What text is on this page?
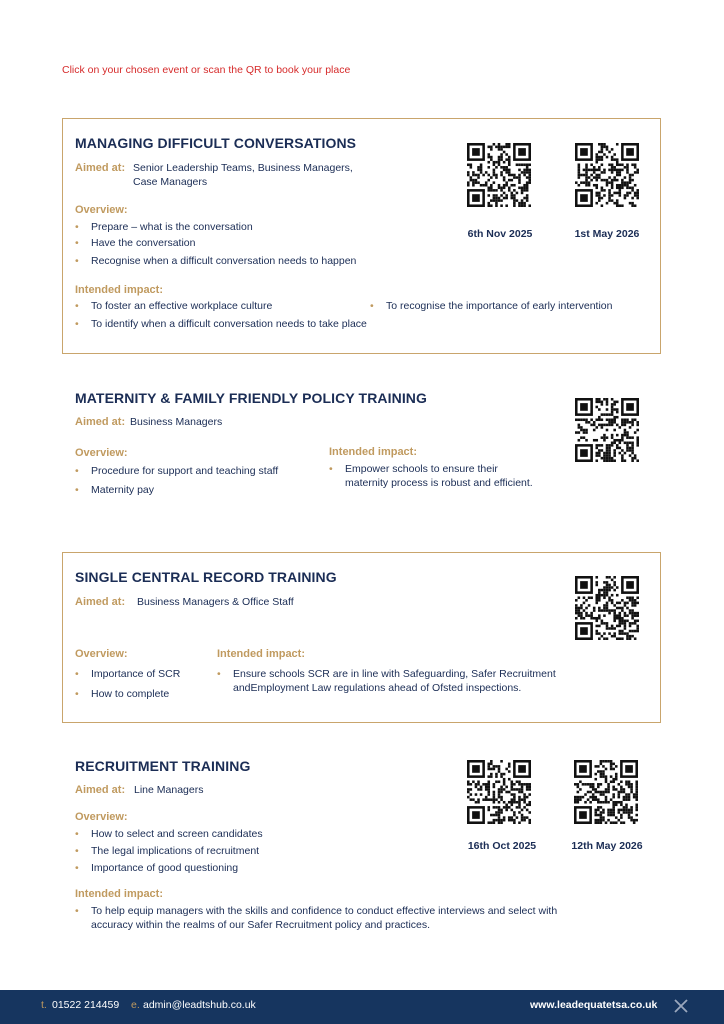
Click on your chosen event or scan the QR to book your place
MANAGING DIFFICULT CONVERSATIONS
Aimed at: Senior Leadership Teams, Business Managers,
Case Managers
Overview:
• Prepare – what is the conversation
• Have the conversation
• Recognise when a difficult conversation needs to happen
Intended impact:
• To foster an effective workplace culture
•	To recognise the importance of early intervention
• To identify when a difficult conversation needs to take place
6th Nov 2025	1st May 2026
MATERNITY & FAMILY FRIENDLY POLICY TRAINING
Aimed at: Business Managers
Overview:
• Procedure for support and teaching staff
• Maternity pay
Intended impact:
• Empower schools to ensure their
maternity process is robust and efficient.
SINGLE CENTRAL RECORD TRAINING
Aimed at: Business Managers & Office Staff
Overview:
• Importance of SCR
• How to complete
Intended impact:
• Ensure schools SCR are in line with Safeguarding, Safer Recruitment
andEmployment Law regulations ahead of Ofsted inspections.
RECRUITMENT TRAINING
Aimed at: Line Managers
Overview:
• How to select and screen candidates
• The legal implications of recruitment
• Importance of good questioning
Intended impact:
• To help equip managers with the skills and confidence to conduct effective interviews and select with
accuracy within the realms of our Safer Recruitment policy and practices.
16th Oct 2025	12th May 2026
t. 01522 214459 e. admin@leadtshub.co.uk	www.leadequatetsa.co.uk
